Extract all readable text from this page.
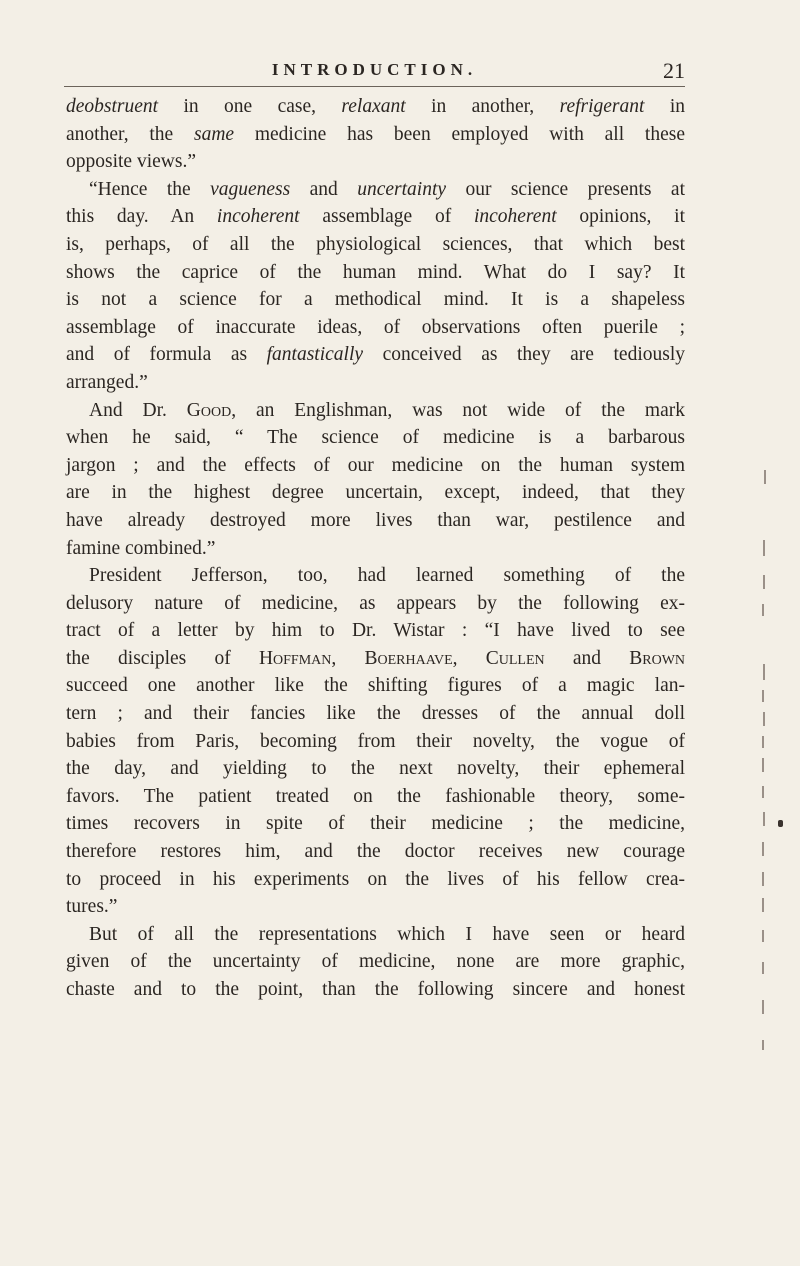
INTRODUCTION.	21
deobstruent in one case, relaxant in another, refrigerant in
another, the same medicine has been employed with all these
opposite views.”
“Hence the vagueness and uncertainty our science presents at
this day. An incoherent assemblage of incoherent opinions, it
is, perhaps, of all the physiological sciences, that which best
shows the caprice of the human mind. What do I say? It
is not a science for a methodical mind. It is a shapeless
assemblage of inaccurate ideas, of observations often puerile ;
and of formula as fantastically conceived as they are tediously
arranged.”
And Dr. Good, an Englishman, was not wide of the mark
when he said, “ The science of medicine is a barbarous
jargon ; and the effects of our medicine on the human system
are in the highest degree uncertain, except, indeed, that they
have already destroyed more lives than war, pestilence and
famine combined.”
President Jefferson, too, had learned something of the
delusory nature of medicine, as appears by the following ex-
tract of a letter by him to Dr. Wistar : “I have lived to see
the disciples of Hoffman, Boerhaave, Cullen and Brown
succeed one another like the shifting figures of a magic lan-
tern ; and their fancies like the dresses of the annual doll
babies from Paris, becoming from their novelty, the vogue of
the day, and yielding to the next novelty, their ephemeral
favors. The patient treated on the fashionable theory, some-
times recovers in spite of their medicine ; the medicine,
therefore restores him, and the doctor receives new courage
to proceed in his experiments on the lives of his fellow crea-
tures.”
But of all the representations which I have seen or heard
given of the uncertainty of medicine, none are more graphic,
chaste and to the point, than the following sincere and honest
